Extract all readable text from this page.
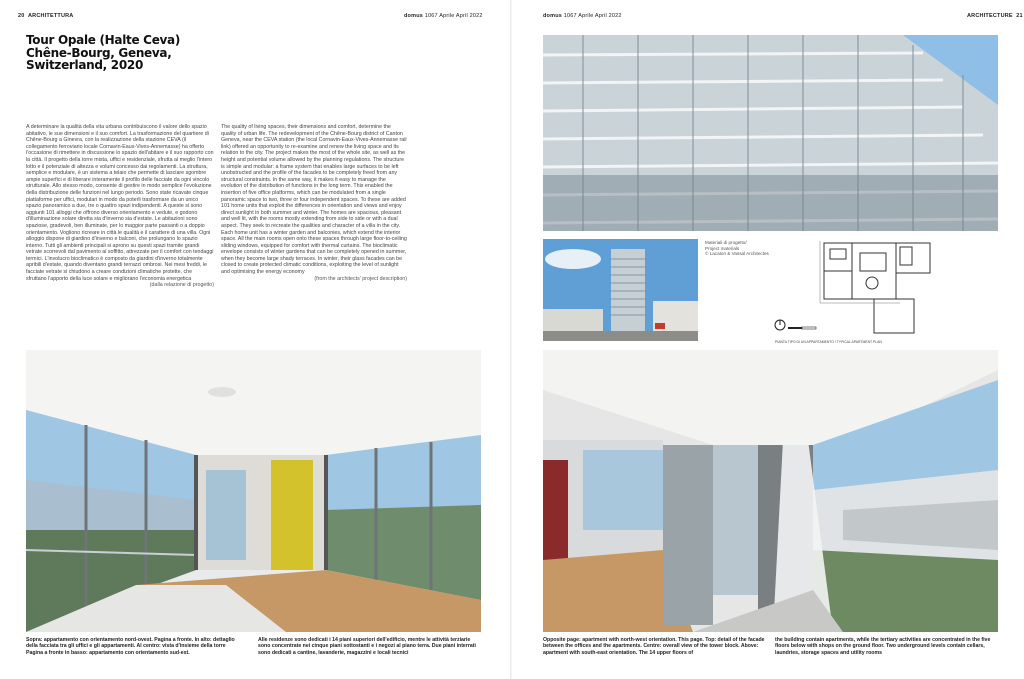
20 ARCHITETTURA	domus 1067 Aprile April 2022
Tour Opale (Halte Ceva)
Chêne-Bourg, Geneva,
Switzerland, 2020

A determinare la qualità della vita urbana contribuiscono il valore dello spazio abitativo, le sue dimensioni e il suo comfort. La trasformazione del quartiere di Chêne-Bourg a Ginevra, con la realizzazione della stazione CEVA (il collegamento ferroviario locale Cornavin-Eaux-Vives-Annemasse) ha offerto l'occasione di rimettere in discussione lo spazio dell'abitare e il suo rapporto con la città. Il progetto della torre mista, uffici e residenziale, sfrutta al meglio l'intero lotto e il potenziale di altezza e volumi concesso dai regolamenti. La struttura, semplice e modulare, è un sistema a telaio che permette di lasciare sgombre ampie superfici e di liberare interamente il profilo delle facciate da ogni vincolo strutturale. Allo stesso modo, consente di gestire in modo semplice l'evoluzione della distribuzione delle funzioni nel lungo periodo. Sono state ricavate cinque piattaforme per uffici, modulari in modo da poterli trasformare da un unico spazio panoramico a due, tre o quattro spazi indipendenti. A queste si sono aggiunti 101 alloggi che offrono diverso orientamento e vedute, e godono d'illuminazione solare diretta sia d'inverno sia d'estate. Le abitazioni sono spaziose, gradevoli, ben illuminate, per lo maggior parte passanti o a doppio orientamento. Vogliono ricreare in città le qualità e il carattere di una villa. Ogni alloggio dispone di giardino d'inverno e balconi, che prolungano lo spazio interno. Tutti gli ambienti principali si aprono su questi spazi tramite grandi vetrate scorrevoli dal pavimento al soffitto, attrezzate per il comfort con tendaggi termici. L'involucro bioclimatico è composto da giardini d'inverno totalmente apribili d'estate, quando diventano grandi terrazzi ombrosi. Nei mesi freddi, le facciate vetrate si chiudono a creare condizioni climatiche protette, che sfruttano l'apporto della luce solare e migliorano l'economia energetica

(dalla relazione di progetto)

The quality of living spaces, their dimensions and comfort, determine the quality of urban life. The redevelopment of the Chêne-Bourg district of Canton Geneva, near the CEVA station (the local Cornavin-Eaux-Vives-Annemasse rail link) offered an opportunity to re-examine and renew the living space and its relation to the city. The project makes the most of the whole site, as well as the height and potential volume allowed by the planning regulations. The structure is simple and modular: a frame system that enables large surfaces to be left unobstructed and the profile of the facades to be completely freed from any structural constraints. In the same way, it makes it easy to manage the evolution of the distribution of functions in the long term. This enabled the insertion of five office platforms, which can be modulated from a single panoramic space to two, three or four independent spaces. To these are added 101 home units that exploit the differences in orientation and views and enjoy direct sunlight in both summer and winter. The homes are spacious, pleasant and well lit, with the rooms mostly extending from side to side or with a dual aspect. They seek to recreate the qualities and character of a villa in the city. Each home unit has a winter garden and balconies, which extend the interior space. All the main rooms open onto these spaces through large floor-to-ceiling sliding windows, equipped for comfort with thermal curtains. The bioclimatic envelope consists of winter gardens that can be completely opened in summer, when they become large shady terraces. In winter, their glass facades can be closed to create protected climatic conditions, exploiting the level of sunlight and optimising the energy economy

(from the architects' project description)
Sopra: appartamento con orientamento nord-ovest. Pagina a fronte. In alto: dettaglio della facciata tra gli uffici e gli appartamenti. Al centro: vista d'insieme della torre Pagina a fronte in basso: appartamento con orientamento sud-est.
Alle residenze sono dedicati i 14 piani superiori dell'edificio, mentre le attività terziarie sono concentrate nei cinque piani sottostanti e i negozi al piano terra. Due piani interrati sono dedicati a cantine, lavanderie, magazzini e locali tecnici
domus 1067 Aprile April 2022	ARCHITECTURE 21
Materiali di progetto/
Project materials
© Lacaton & Vassal Architectes
PIANTA TIPO DI UN APPARTAMENTO / TYPICAL APARTMENT PLAN
Opposite page: apartment with north-west orientation. This page. Top: detail of the facade between the offices and the apartments. Centre: overall view of the tower block. Above: apartment with south-east orientation. The 14 upper floors of
the building contain apartments, while the tertiary activities are concentrated in the five floors below with shops on the ground floor. Two underground levels contain cellars, laundries, storage spaces and utility rooms
